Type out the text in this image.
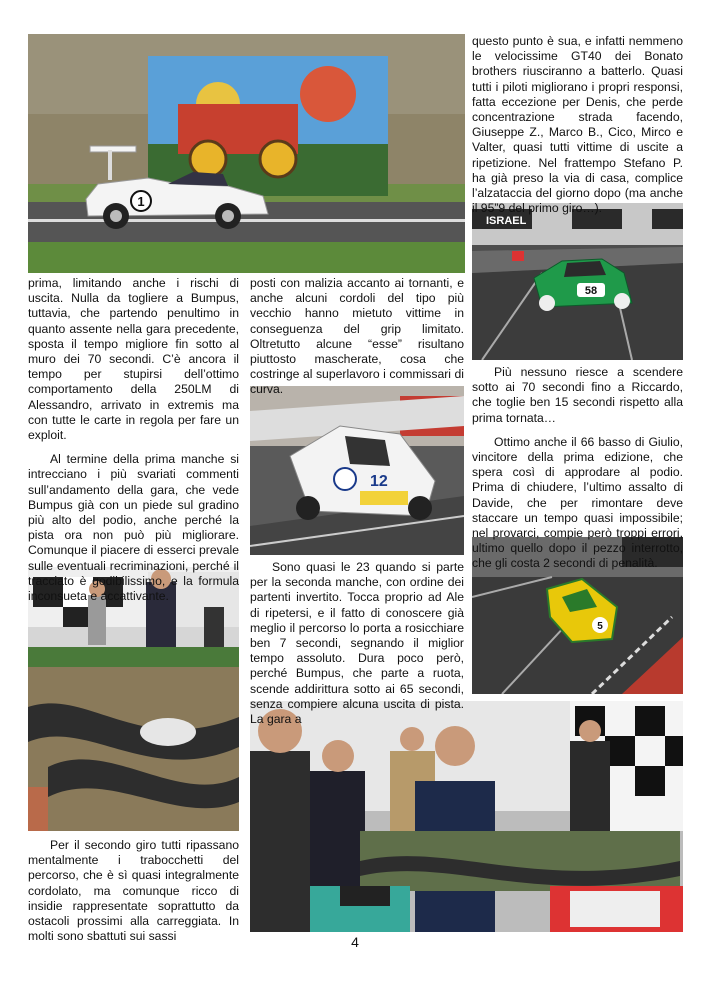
1
ISRAEL
58
12
5

prima, limitando anche i rischi di uscita. Nulla da togliere a Bumpus, tuttavia, che partendo penultimo in quanto assente nella gara precedente, sposta il tempo migliore fin sotto al muro dei 70 secondi. C’è ancora il tempo per stupirsi dell’ottimo comportamento della 250LM di Alessandro, arrivato in extremis ma con tutte le carte in regola per fare un exploit.

Al termine della prima manche si intrecciano i più svariati commenti sull’andamento della gara, che vede Bumpus già con un piede sul gradino più alto del podio, anche perché la pista ora non può più migliorare. Comunque il piacere di esserci prevale sulle eventuali recriminazioni, perché il tracciato è godibilissimo, e la formula inconsueta e accattivante.

Per il secondo giro tutti ripassano mentalmente i trabocchetti del percorso, che è sì quasi integralmente cordolato, ma comunque ricco di insidie rappresentate soprattutto da ostacoli prossimi alla carreggiata. In molti sono sbattuti sui sassi

posti con malizia accanto ai tornanti, e anche alcuni cordoli del tipo più vecchio hanno mietuto vittime in conseguenza del grip limitato. Oltretutto alcune “esse” risultano piuttosto mascherate, cosa che costringe al superlavoro i commissari di curva.

Sono quasi le 23 quando si parte per la seconda manche, con ordine dei partenti invertito. Tocca proprio ad Ale di ripetersi, e il fatto di conoscere già meglio il percorso lo porta a rosicchiare ben 7 secondi, segnando il miglior tempo assoluto. Dura poco però, perché Bumpus, che parte a ruota, scende addirittura sotto ai 65 secondi, senza compiere alcuna uscita di pista. La gara a

questo punto è sua, e infatti nemmeno le velocissime GT40 dei Bonato brothers riusciranno a batterlo. Quasi tutti i piloti migliorano i propri responsi, fatta eccezione per Denis, che perde concentrazione strada facendo, Giuseppe Z., Marco B., Cico, Mirco e Valter, quasi tutti vittime di uscite a ripetizione. Nel frattempo Stefano P. ha già preso la via di casa, complice l’alzataccia del giorno dopo (ma anche il 95”9 del primo giro…).

Più nessuno riesce a scendere sotto ai 70 secondi fino a Riccardo, che toglie ben 15 secondi rispetto alla prima tornata…

Ottimo anche il 66 basso di Giulio, vincitore della prima edizione, che spera così di approdare al podio. Prima di chiudere, l’ultimo assalto di Davide, che per rimontare deve staccare un tempo quasi impossibile; nel provarci, compie però troppi errori, ultimo quello dopo il pezzo interrotto, che gli costa 2 secondi di penalità.

4
